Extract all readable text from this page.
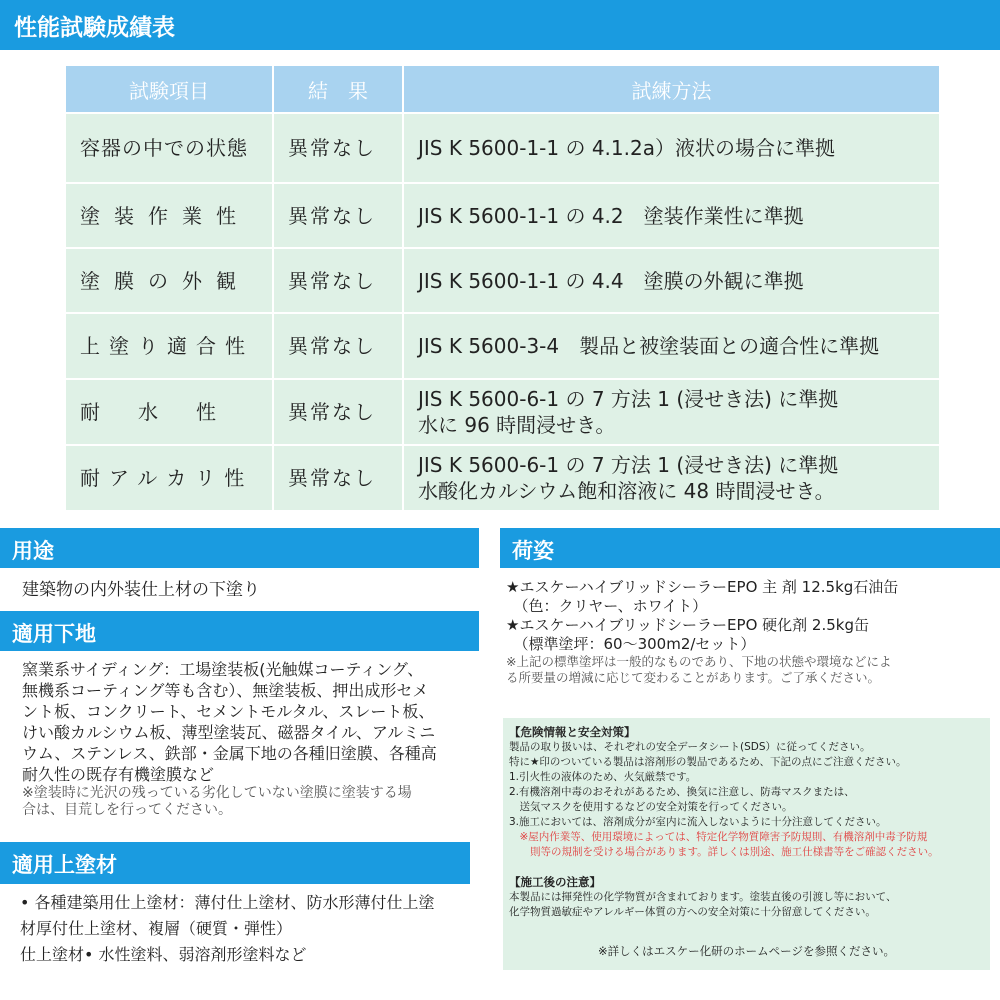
性能試験成績表
試験項目	結　果	試練方法
容器の中での状態	異常なし	JIS K 5600-1-1 の 4.1.2a）液状の場合に準拠
塗装作業性	異常なし	JIS K 5600-1-1 の 4.2　塗装作業性に準拠
塗膜の外観	異常なし	JIS K 5600-1-1 の 4.4　塗膜の外観に準拠
上塗り適合性	異常なし	JIS K 5600-3-4　製品と被塗装面との適合性に準拠
耐　水　性	異常なし	JIS K 5600-6-1 の 7 方法 1 (浸せき法) に準拠
水に 96 時間浸せき。

耐アルカリ性	異常なし	JIS K 5600-6-1 の 7 方法 1 (浸せき法) に準拠
水酸化カルシウム飽和溶液に 48 時間浸せき。
用途
建築物の内外装仕上材の下塗り
適用下地
窯業系サイディング：工場塗装板(光触媒コーティング、
無機系コーティング等も含む）、無塗装板、押出成形セメ
ント板、コンクリート、セメントモルタル、スレート板、
けい酸カルシウム板、薄型塗装瓦、磁器タイル、アルミニ
ウム、ステンレス、鉄部・金属下地の各種旧塗膜、各種高
耐久性の既存有機塗膜など
※塗装時に光沢の残っている劣化していない塗膜に塗装する場
合は、目荒しを行ってください。
適用上塗材
• 各種建築用仕上塗材：薄付仕上塗材、防水形薄付仕上塗
材厚付仕上塗材、複層（硬質・弾性）
仕上塗材• 水性塗料、弱溶剤形塗料など
荷姿
★エスケーハイブリッドシーラーEPO 主 剤 12.5kg石油缶
　（色：クリヤー、ホワイト）
★エスケーハイブリッドシーラーEPO 硬化剤 2.5kg缶
　（標準塗坪：60～300m2/セット）
※上記の標準塗坪は一般的なものであり、下地の状態や環境などによ
る所要量の増減に応じて変わることがあります。ご了承ください。
【危険情報と安全対策】
製品の取り扱いは、それぞれの安全データシート(SDS）に従ってください。
特に★印のついている製品は溶剤形の製品であるため、下記の点にご注意ください。
1.引火性の液体のため、火気厳禁です。
2.有機溶剤中毒のおそれがあるため、換気に注意し、防毒マスクまたは、
　送気マスクを使用するなどの安全対策を行ってください。
3.施工においては、溶剤成分が室内に流入しないように十分注意してください。
　※屋内作業等、使用環境によっては、特定化学物質障害予防規則、有機溶剤中毒予防規
　　則等の規制を受ける場合があります。詳しくは別途、施工仕様書等をご確認ください。
【施工後の注意】
本製品には揮発性の化学物質が含まれております。塗装直後の引渡し等において、
化学物質過敏症やアレルギー体質の方への安全対策に十分留意してください。
※詳しくはエスケー化研のホームページを参照ください。
